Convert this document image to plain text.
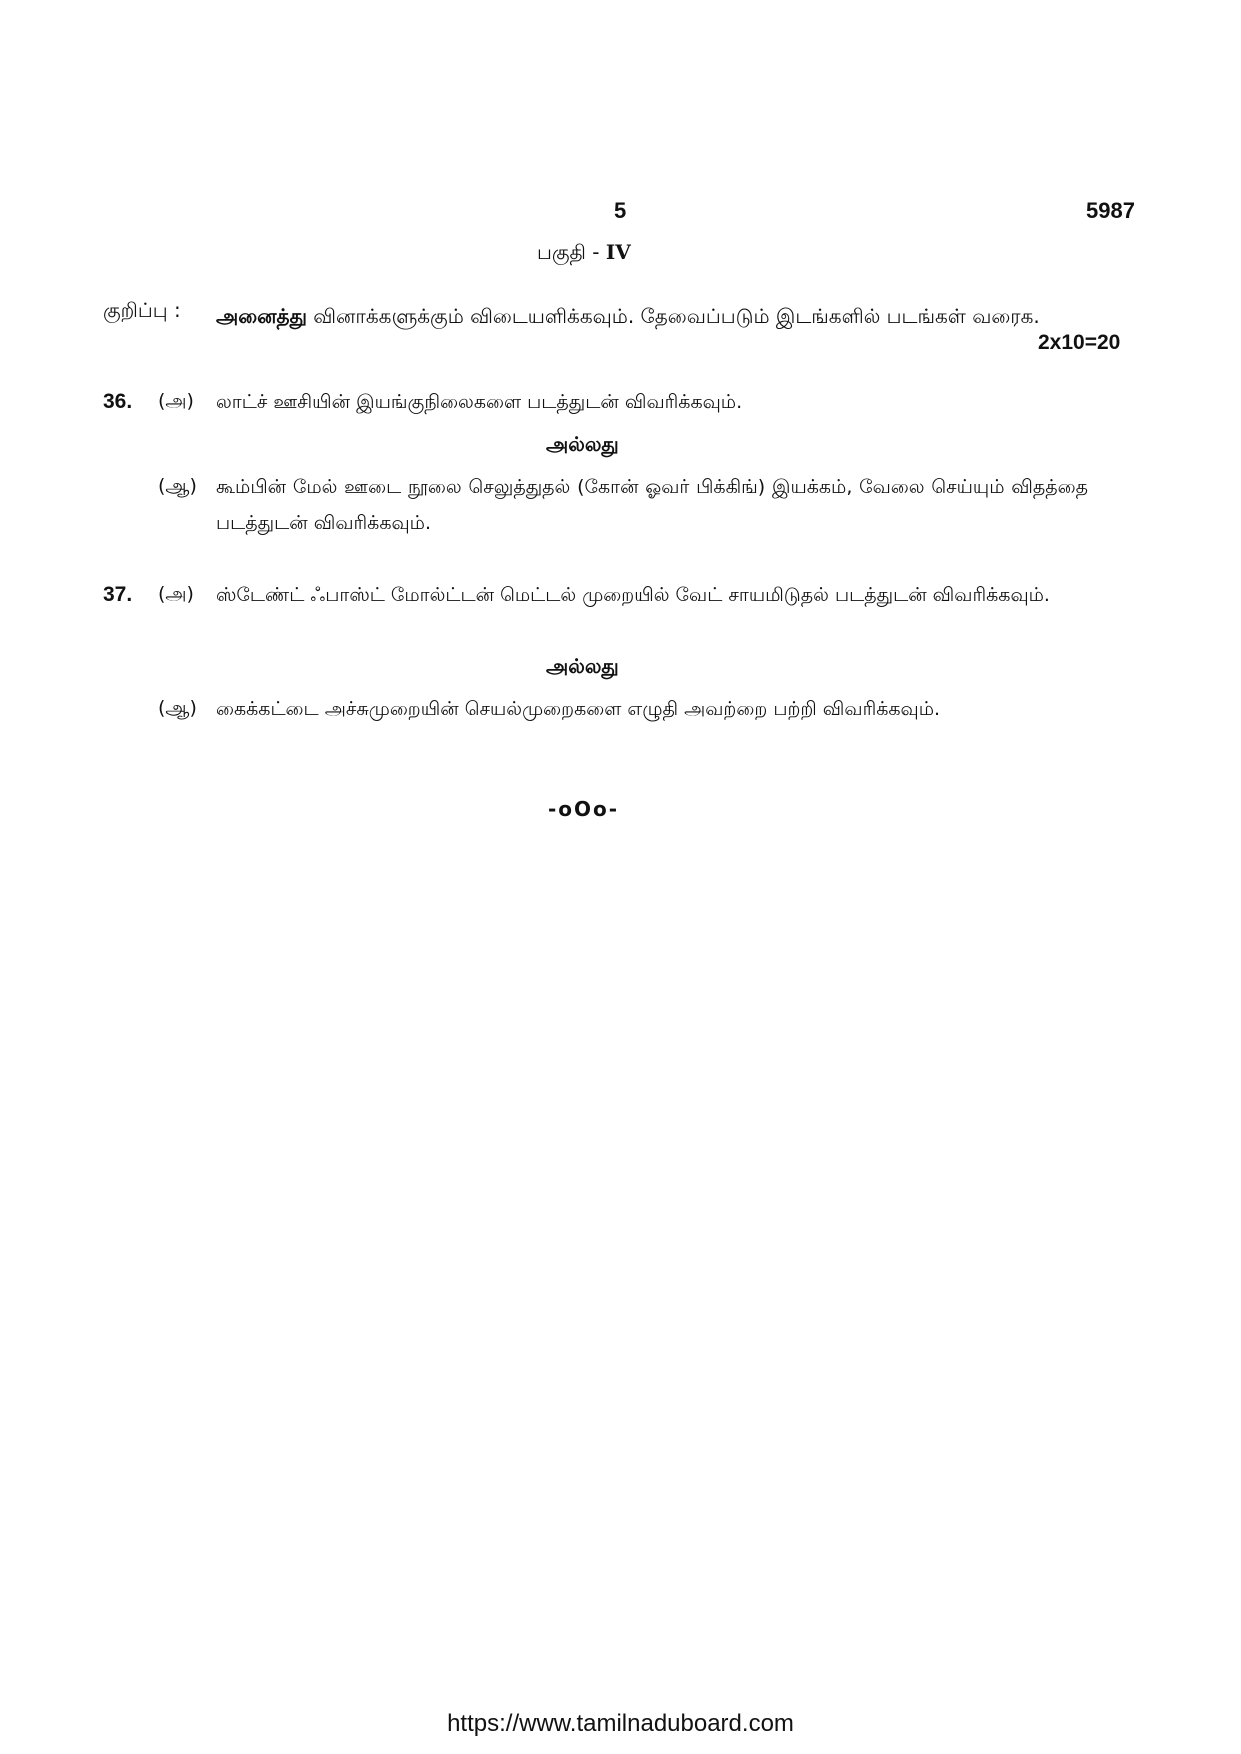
5	5987
பகுதி - IV
குறிப்பு : அனைத்து வினாக்களுக்கும் விடையளிக்கவும். தேவைப்படும் இடங்களில் படங்கள் வரைக.
2x10=20
36. (அ) லாட்ச் ஊசியின் இயங்குநிலைகளை படத்துடன் விவரிக்கவும்.
அல்லது
(ஆ) கூம்பின் மேல் ஊடை நூலை செலுத்துதல் (கோன் ஓவர் பிக்கிங்) இயக்கம், வேலை செய்யும் விதத்தை படத்துடன் விவரிக்கவும்.
37. (அ) ஸ்டேண்ட் ஃபாஸ்ட் மோல்ட்டன் மெட்டல் முறையில் வேட் சாயமிடுதல் படத்துடன் விவரிக்கவும்.
அல்லது
(ஆ) கைக்கட்டை அச்சுமுறையின் செயல்முறைகளை எழுதி அவற்றை பற்றி விவரிக்கவும்.
-oOo-
https://www.tamilnaduboard.com
